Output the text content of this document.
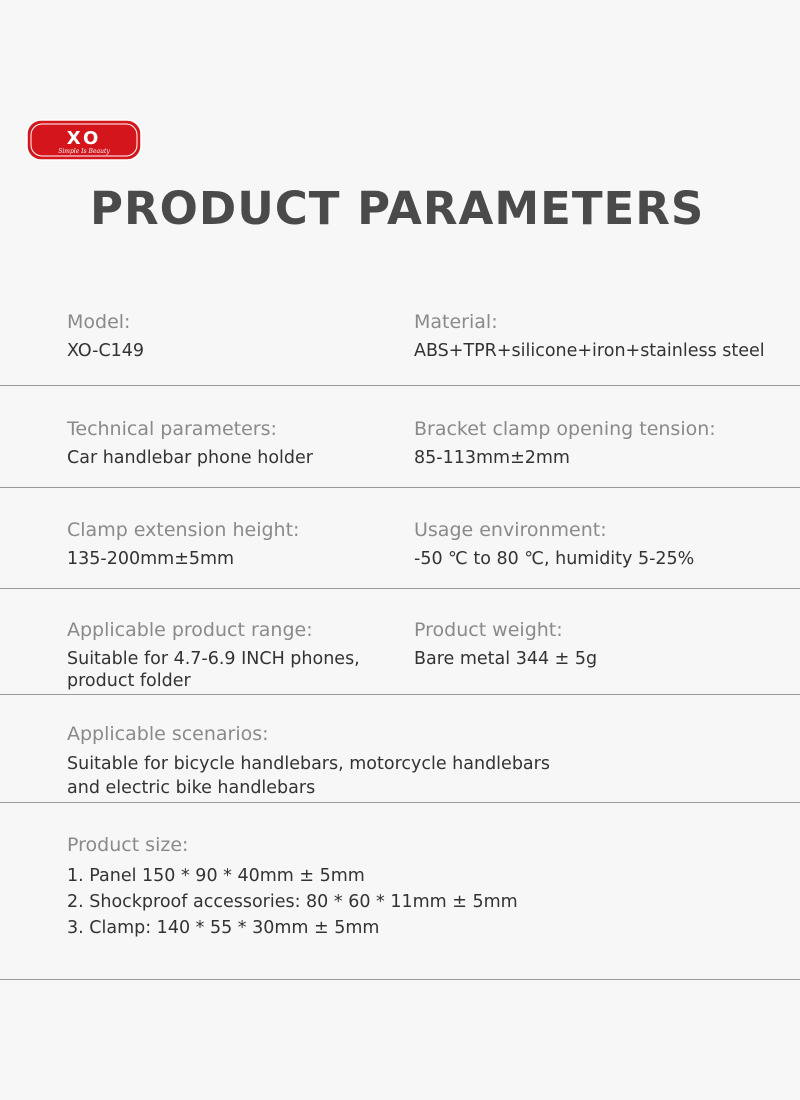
XO
Simple Is Beauty
PRODUCT PARAMETERS
Model:
XO-C149
Material:
ABS+TPR+silicone+iron+stainless steel
Technical parameters:
Car handlebar phone holder
Bracket clamp opening tension:
85-113mm±2mm
Clamp extension height:
135-200mm±5mm
Usage environment:
-50 ℃ to 80 ℃, humidity 5-25%
Applicable product range:
Suitable for 4.7-6.9 INCH phones,
product folder
Product weight:
Bare metal 344 ± 5g
Applicable scenarios:
Suitable for bicycle handlebars, motorcycle handlebars
and electric bike handlebars
Product size:
1. Panel 150 * 90 * 40mm ± 5mm
2. Shockproof accessories: 80 * 60 * 11mm ± 5mm
3. Clamp: 140 * 55 * 30mm ± 5mm
